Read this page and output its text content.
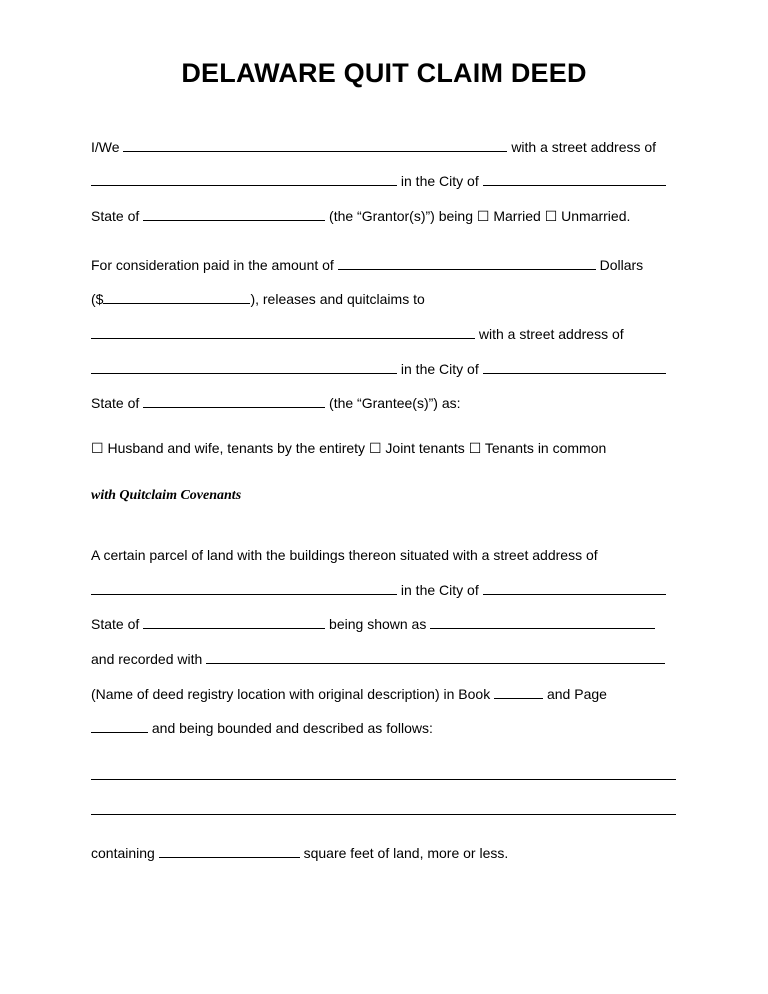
DELAWARE QUIT CLAIM DEED
I/We	with a street address of
in the City of
State of	(the “Grantor(s)”) being ☐ Married ☐ Unmarried.
For consideration paid in the amount of	Dollars
($	), releases and quitclaims to
with a street address of
in the City of
State of	(the “Grantee(s)”) as:
☐ Husband and wife, tenants by the entirety ☐ Joint tenants ☐ Tenants in common
with Quitclaim Covenants
A certain parcel of land with the buildings thereon situated with a street address of
in the City of
State of	being shown as
and recorded with
(Name of deed registry location with original description) in Book	and Page
and being bounded and described as follows:
containing	square feet of land, more or less.
